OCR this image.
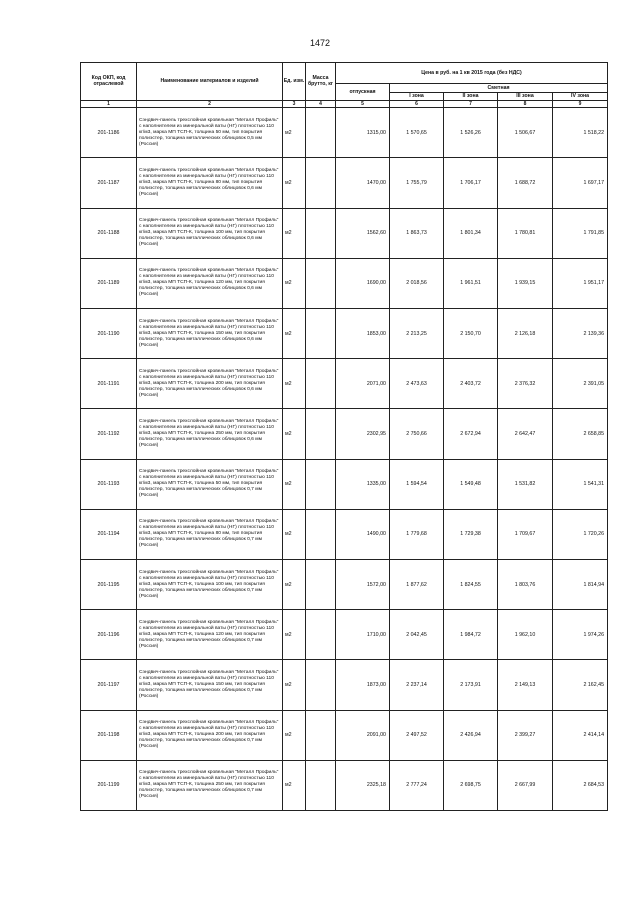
1472
Код ОКП, код отраслевой	Наименование материалов и изделий	Ед. изм.	Масса брутто, кг	Цена в руб. на 1 кв 2015 года (без НДС)				
				отпускная	Сметная			
					I зона	II зона	III зона	IV зона
1	2	3	4	5	6	7	8	9
201-1186	Сэндвич-панель трехслойная кровельная "Металл Профиль" с наполнителем из минеральной ваты (НГ) плотностью 110 кг/м3, марка МП ТСП-К, толщина 50 мм, тип покрытия полиэстер, толщина металлических облицовок 0,5 мм (Россия)	м2		1315,00	1 570,65	1 526,26	1 506,67	1 518,22
201-1187	Сэндвич-панель трехслойная кровельная "Металл Профиль" с наполнителем из минеральной ваты (НГ) плотностью 110 кг/м3, марка МП ТСП-К, толщина 80 мм, тип покрытия полиэстер, толщина металлических облицовок 0,6 мм (Россия)	м2		1470,00	1 755,79	1 706,17	1 688,72	1 697,17
201-1188	Сэндвич-панель трехслойная кровельная "Металл Профиль" с наполнителем из минеральной ваты (НГ) плотностью 110 кг/м3, марка МП ТСП-К, толщина 100 мм, тип покрытия полиэстер, толщина металлических облицовок 0,6 мм (Россия)	м2		1562,60	1 863,73	1 801,34	1 780,81	1 791,85
201-1189	Сэндвич-панель трехслойная кровельная "Металл Профиль" с наполнителем из минеральной ваты (НГ) плотностью 110 кг/м3, марка МП ТСП-К, толщина 120 мм, тип покрытия полиэстер, толщина металлических облицовок 0,6 мм (Россия)	м2		1690,00	2 018,56	1 961,51	1 939,15	1 951,17
201-1190	Сэндвич-панель трехслойная кровельная "Металл Профиль" с наполнителем из минеральной ваты (НГ) плотностью 110 кг/м3, марка МП ТСП-К, толщина 150 мм, тип покрытия полиэстер, толщина металлических облицовок 0,6 мм (Россия)	м2		1853,00	2 213,25	2 150,70	2 126,18	2 139,36
201-1191	Сэндвич-панель трехслойная кровельная "Металл Профиль" с наполнителем из минеральной ваты (НГ) плотностью 110 кг/м3, марка МП ТСП-К, толщина 200 мм, тип покрытия полиэстер, толщина металлических облицовок 0,6 мм (Россия)	м2		2071,00	2 473,63	2 403,72	2 376,32	2 391,05
201-1192	Сэндвич-панель трехслойная кровельная "Металл Профиль" с наполнителем из минеральной ваты (НГ) плотностью 110 кг/м3, марка МП ТСП-К, толщина 250 мм, тип покрытия полиэстер, толщина металлических облицовок 0,6 мм (Россия)	м2		2302,95	2 750,66	2 672,94	2 642,47	2 658,85
201-1193	Сэндвич-панель трехслойная кровельная "Металл Профиль" с наполнителем из минеральной ваты (НГ) плотностью 110 кг/м3, марка МП ТСП-К, толщина 50 мм, тип покрытия полиэстер, толщина металлических облицовок 0,7 мм (Россия)	м2		1335,00	1 594,54	1 549,48	1 531,82	1 541,31
201-1194	Сэндвич-панель трехслойная кровельная "Металл Профиль" с наполнителем из минеральной ваты (НГ) плотностью 110 кг/м3, марка МП ТСП-К, толщина 80 мм, тип покрытия полиэстер, толщина металлических облицовок 0,7 мм (Россия)	м2		1490,00	1 779,68	1 729,38	1 709,67	1 720,26
201-1195	Сэндвич-панель трехслойная кровельная "Металл Профиль" с наполнителем из минеральной ваты (НГ) плотностью 110 кг/м3, марка МП ТСП-К, толщина 100 мм, тип покрытия полиэстер, толщина металлических облицовок 0,7 мм (Россия)	м2		1572,00	1 877,62	1 824,55	1 803,76	1 814,94
201-1196	Сэндвич-панель трехслойная кровельная "Металл Профиль" с наполнителем из минеральной ваты (НГ) плотностью 110 кг/м3, марка МП ТСП-К, толщина 120 мм, тип покрытия полиэстер, толщина металлических облицовок 0,7 мм (Россия)	м2		1710,00	2 042,45	1 984,72	1 962,10	1 974,26
201-1197	Сэндвич-панель трехслойная кровельная "Металл Профиль" с наполнителем из минеральной ваты (НГ) плотностью 110 кг/м3, марка МП ТСП-К, толщина 150 мм, тип покрытия полиэстер, толщина металлических облицовок 0,7 мм (Россия)	м2		1873,00	2 237,14	2 173,91	2 149,13	2 162,45
201-1198	Сэндвич-панель трехслойная кровельная "Металл Профиль" с наполнителем из минеральной ваты (НГ) плотностью 110 кг/м3, марка МП ТСП-К, толщина 200 мм, тип покрытия полиэстер, толщина металлических облицовок 0,7 мм (Россия)	м2		2091,00	2 497,52	2 426,94	2 399,27	2 414,14
201-1199	Сэндвич-панель трехслойная кровельная "Металл Профиль" с наполнителем из минеральной ваты (НГ) плотностью 110 кг/м3, марка МП ТСП-К, толщина 250 мм, тип покрытия полиэстер, толщина металлических облицовок 0,7 мм (Россия)	м2		2325,18	2 777,24	2 698,75	2 667,99	2 684,53
